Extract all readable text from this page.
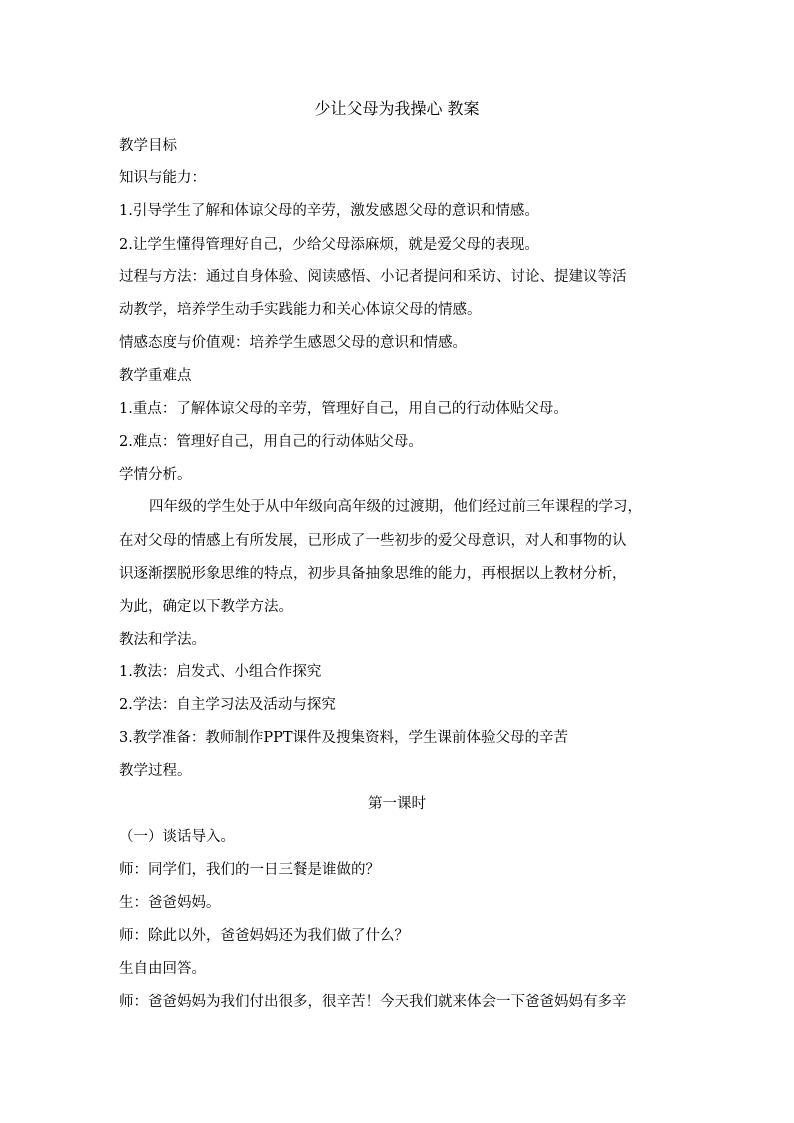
少让父母为我操心 教案
教学目标
知识与能力：
1.引导学生了解和体谅父母的辛劳，激发感恩父母的意识和情感。
2.让学生懂得管理好自己，少给父母添麻烦，就是爱父母的表现。
过程与方法：通过自身体验、阅读感悟、小记者提问和采访、讨论、提建议等活
动教学，培养学生动手实践能力和关心体谅父母的情感。
情感态度与价值观：培养学生感恩父母的意识和情感。
教学重难点
1.重点：了解体谅父母的辛劳，管理好自己，用自己的行动体贴父母。
2.难点：管理好自己，用自己的行动体贴父母。
学情分析。
四年级的学生处于从中年级向高年级的过渡期，他们经过前三年课程的学习，
在对父母的情感上有所发展，已形成了一些初步的爱父母意识，对人和事物的认
识逐渐摆脱形象思维的特点，初步具备抽象思维的能力，再根据以上教材分析，
为此，确定以下教学方法。
教法和学法。
1.教法：启发式、小组合作探究
2.学法：自主学习法及活动与探究
3.教学准备：教师制作PPT课件及搜集资料，学生课前体验父母的辛苦
教学过程。
第一课时
（一）谈话导入。
师：同学们，我们的一日三餐是谁做的？
生：爸爸妈妈。
师：除此以外，爸爸妈妈还为我们做了什么？
生自由回答。
师：爸爸妈妈为我们付出很多，很辛苦！今天我们就来体会一下爸爸妈妈有多辛
